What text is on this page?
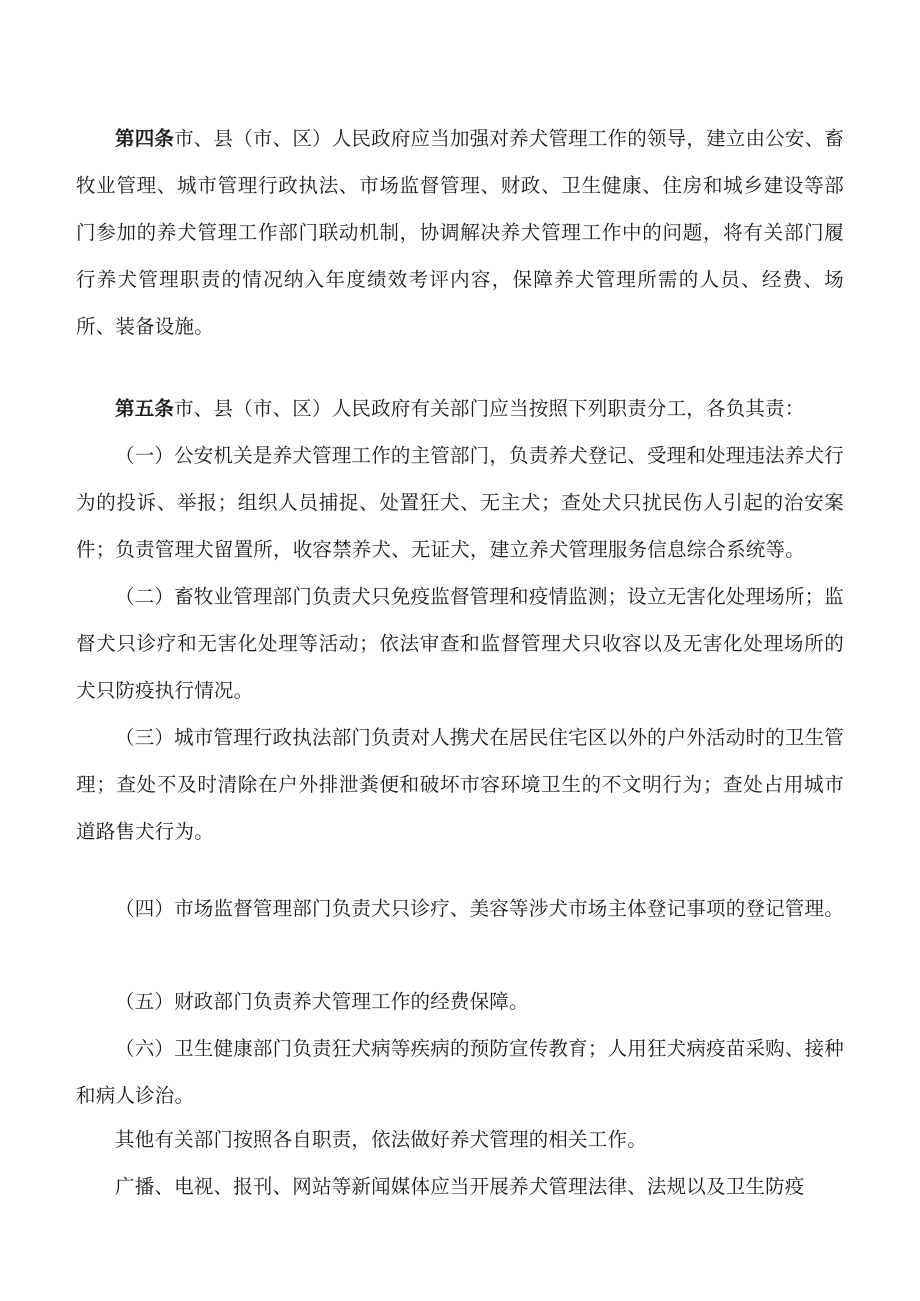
第四条市、县（市、区）人民政府应当加强对养犬管理工作的领导，建立由公安、畜牧业管理、城市管理行政执法、市场监督管理、财政、卫生健康、住房和城乡建设等部门参加的养犬管理工作部门联动机制，协调解决养犬管理工作中的问题，将有关部门履行养犬管理职责的情况纳入年度绩效考评内容，保障养犬管理所需的人员、经费、场所、装备设施。

第五条市、县（市、区）人民政府有关部门应当按照下列职责分工，各负其责：

（一）公安机关是养犬管理工作的主管部门，负责养犬登记、受理和处理违法养犬行为的投诉、举报；组织人员捕捉、处置狂犬、无主犬；查处犬只扰民伤人引起的治安案件；负责管理犬留置所，收容禁养犬、无证犬，建立养犬管理服务信息综合系统等。

（二）畜牧业管理部门负责犬只免疫监督管理和疫情监测；设立无害化处理场所；监督犬只诊疗和无害化处理等活动；依法审查和监督管理犬只收容以及无害化处理场所的犬只防疫执行情况。

（三）城市管理行政执法部门负责对人携犬在居民住宅区以外的户外活动时的卫生管理；查处不及时清除在户外排泄粪便和破坏市容环境卫生的不文明行为；查处占用城市道路售犬行为。

（四）市场监督管理部门负责犬只诊疗、美容等涉犬市场主体登记事项的登记管理。

（五）财政部门负责养犬管理工作的经费保障。

（六）卫生健康部门负责狂犬病等疾病的预防宣传教育；人用狂犬病疫苗采购、接种和病人诊治。

其他有关部门按照各自职责，依法做好养犬管理的相关工作。

广播、电视、报刊、网站等新闻媒体应当开展养犬管理法律、法规以及卫生防疫
